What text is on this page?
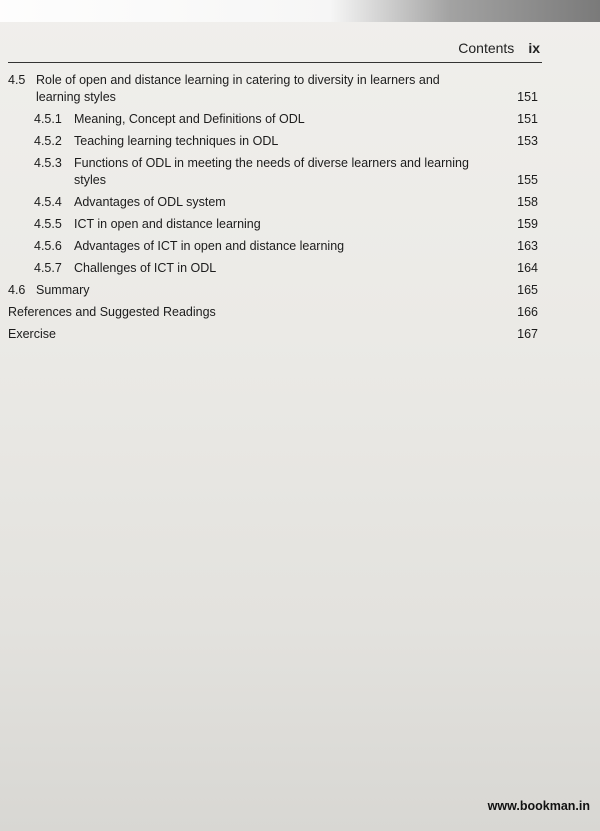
Contents ix
4.5 Role of open and distance learning in catering to diversity in learners and learning styles	151
4.5.1 Meaning, Concept and Definitions of ODL	151
4.5.2 Teaching learning techniques in ODL	153
4.5.3 Functions of ODL in meeting the needs of diverse learners and learning styles	155
4.5.4 Advantages of ODL system	158
4.5.5 ICT in open and distance learning	159
4.5.6 Advantages of ICT in open and distance learning	163
4.5.7 Challenges of ICT in ODL	164
4.6 Summary	165
References and Suggested Readings	166
Exercise	167
www.bookman.in
